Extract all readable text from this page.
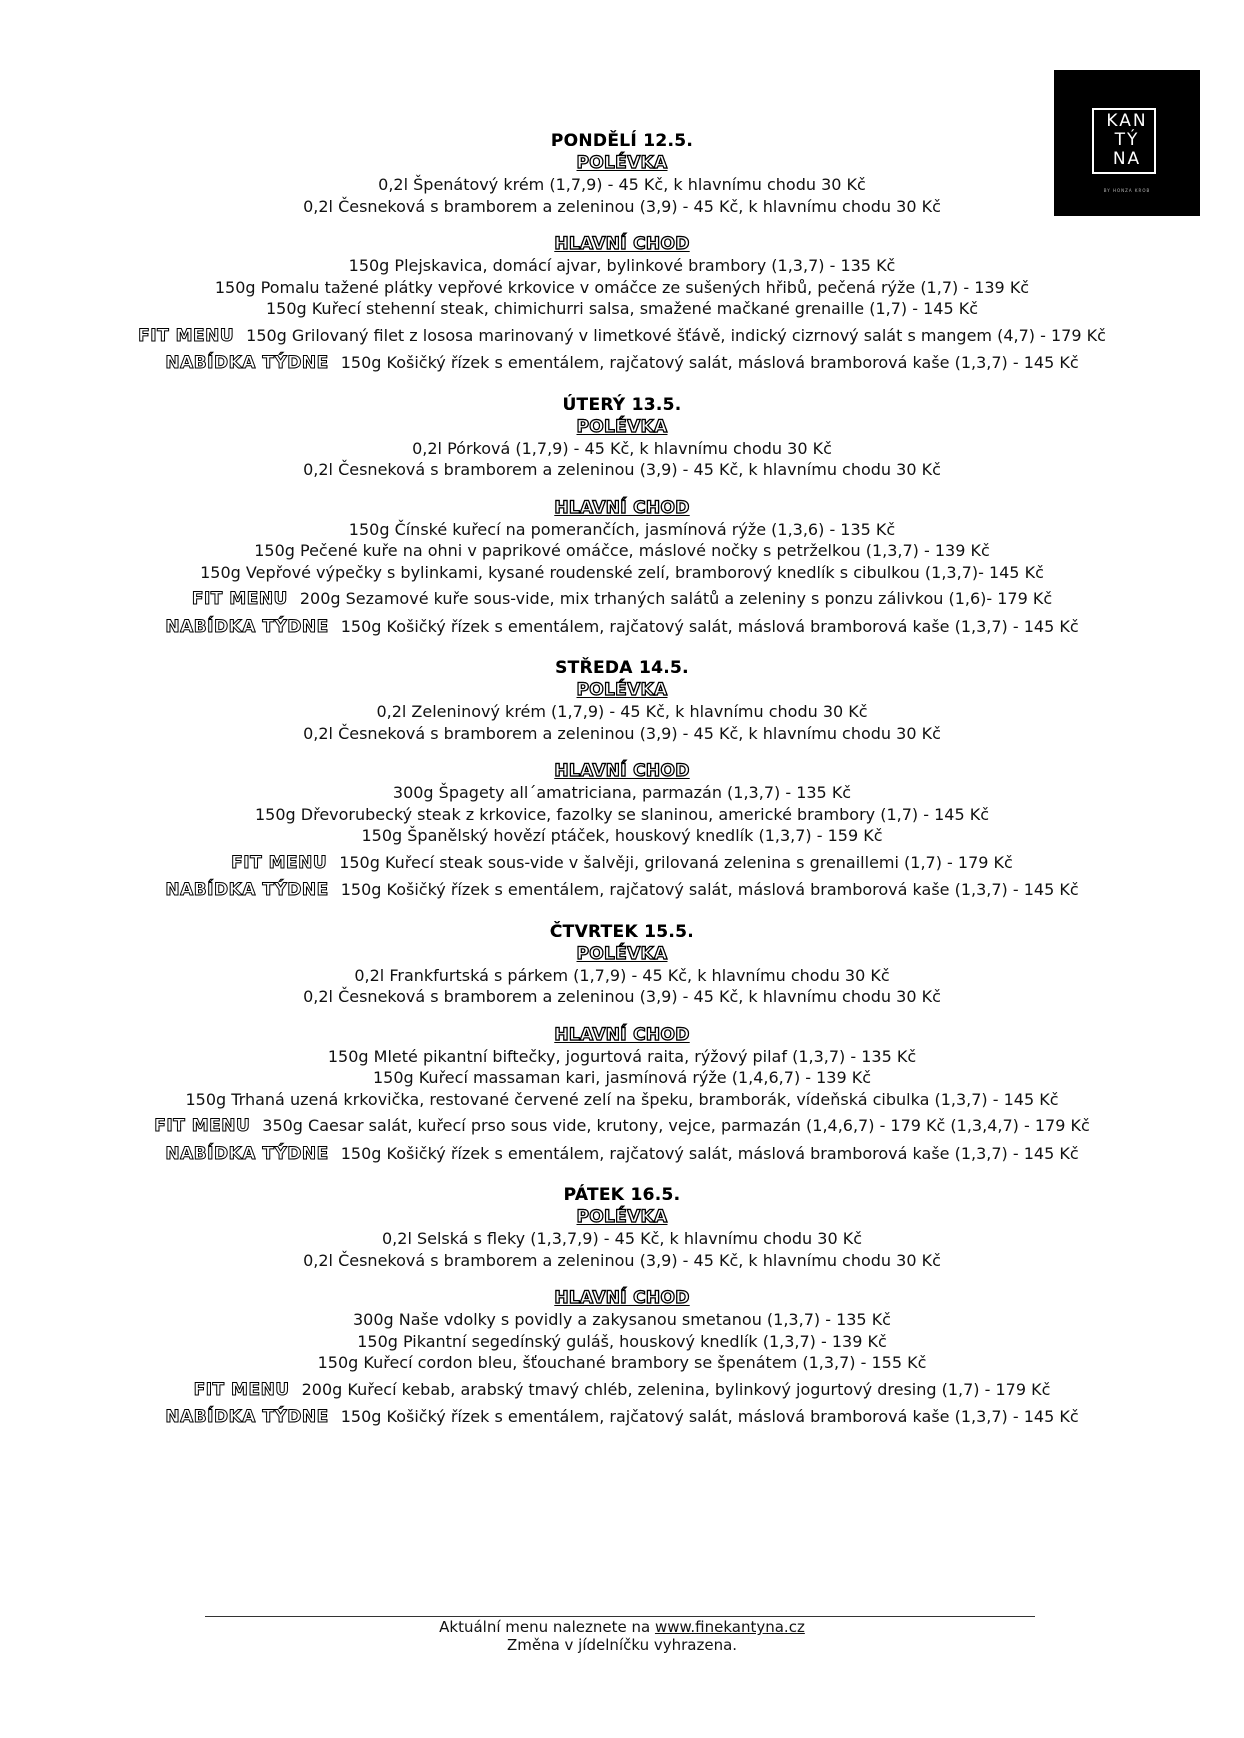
KAN
TÝ
NA
BY HONZA KROB
PONDĚLÍ 12.5.
POLÉVKA
0,2l Špenátový krém (1,7,9) - 45 Kč, k hlavnímu chodu 30 Kč
0,2l Česneková s bramborem a zeleninou (3,9) - 45 Kč, k hlavnímu chodu 30 Kč
HLAVNÍ CHOD
150g Plejskavica, domácí ajvar, bylinkové brambory (1,3,7) - 135 Kč
150g Pomalu tažené plátky vepřové krkovice v omáčce ze sušených hřibů, pečená rýže (1,7) - 139 Kč
150g Kuřecí stehenní steak, chimichurri salsa, smažené mačkané grenaille (1,7) - 145 Kč
FIT MENU 150g Grilovaný filet z lososa marinovaný v limetkové šťávě, indický cizrnový salát s mangem (4,7) - 179 Kč
NABÍDKA TÝDNE 150g Košičký řízek s ementálem, rajčatový salát, máslová bramborová kaše (1,3,7) - 145 Kč
ÚTERÝ 13.5.
POLÉVKA
0,2l Pórková (1,7,9) - 45 Kč, k hlavnímu chodu 30 Kč
0,2l Česneková s bramborem a zeleninou (3,9) - 45 Kč, k hlavnímu chodu 30 Kč
HLAVNÍ CHOD
150g Čínské kuřecí na pomerančích, jasmínová rýže (1,3,6) - 135 Kč
150g Pečené kuře na ohni v paprikové omáčce, máslové nočky s petrželkou (1,3,7) - 139 Kč
150g Vepřové výpečky s bylinkami, kysané roudenské zelí, bramborový knedlík s cibulkou (1,3,7)- 145 Kč
FIT MENU 200g Sezamové kuře sous-vide, mix trhaných salátů a zeleniny s ponzu zálivkou (1,6)- 179 Kč
NABÍDKA TÝDNE 150g Košičký řízek s ementálem, rajčatový salát, máslová bramborová kaše (1,3,7) - 145 Kč
STŘEDA 14.5.
POLÉVKA
0,2l Zeleninový krém (1,7,9) - 45 Kč, k hlavnímu chodu 30 Kč
0,2l Česneková s bramborem a zeleninou (3,9) - 45 Kč, k hlavnímu chodu 30 Kč
HLAVNÍ CHOD
300g Špagety all´amatriciana, parmazán (1,3,7) - 135 Kč
150g Dřevorubecký steak z krkovice, fazolky se slaninou, americké brambory (1,7) - 145 Kč
150g Španělský hovězí ptáček, houskový knedlík (1,3,7) - 159 Kč
FIT MENU 150g Kuřecí steak sous-vide v šalvěji, grilovaná zelenina s grenaillemi (1,7) - 179 Kč
NABÍDKA TÝDNE 150g Košičký řízek s ementálem, rajčatový salát, máslová bramborová kaše (1,3,7) - 145 Kč
ČTVRTEK 15.5.
POLÉVKA
0,2l Frankfurtská s párkem (1,7,9) - 45 Kč, k hlavnímu chodu 30 Kč
0,2l Česneková s bramborem a zeleninou (3,9) - 45 Kč, k hlavnímu chodu 30 Kč
HLAVNÍ CHOD
150g Mleté pikantní biftečky, jogurtová raita, rýžový pilaf (1,3,7) - 135 Kč
150g Kuřecí massaman kari, jasmínová rýže (1,4,6,7) - 139 Kč
150g Trhaná uzená krkovička, restované červené zelí na špeku, bramborák, vídeňská cibulka (1,3,7) - 145 Kč
FIT MENU 350g Caesar salát, kuřecí prso sous vide, krutony, vejce, parmazán (1,4,6,7) - 179 Kč (1,3,4,7) - 179 Kč
NABÍDKA TÝDNE 150g Košičký řízek s ementálem, rajčatový salát, máslová bramborová kaše (1,3,7) - 145 Kč
PÁTEK 16.5.
POLÉVKA
0,2l Selská s fleky (1,3,7,9) - 45 Kč, k hlavnímu chodu 30 Kč
0,2l Česneková s bramborem a zeleninou (3,9) - 45 Kč, k hlavnímu chodu 30 Kč
HLAVNÍ CHOD
300g Naše vdolky s povidly a zakysanou smetanou (1,3,7) - 135 Kč
150g Pikantní segedínský guláš, houskový knedlík (1,3,7) - 139 Kč
150g Kuřecí cordon bleu, šťouchané brambory se špenátem (1,3,7) - 155 Kč
FIT MENU 200g Kuřecí kebab, arabský tmavý chléb, zelenina, bylinkový jogurtový dresing (1,7) - 179 Kč
NABÍDKA TÝDNE 150g Košičký řízek s ementálem, rajčatový salát, máslová bramborová kaše (1,3,7) - 145 Kč
Aktuální menu naleznete na www.finekantyna.cz
Změna v jídelníčku vyhrazena.
